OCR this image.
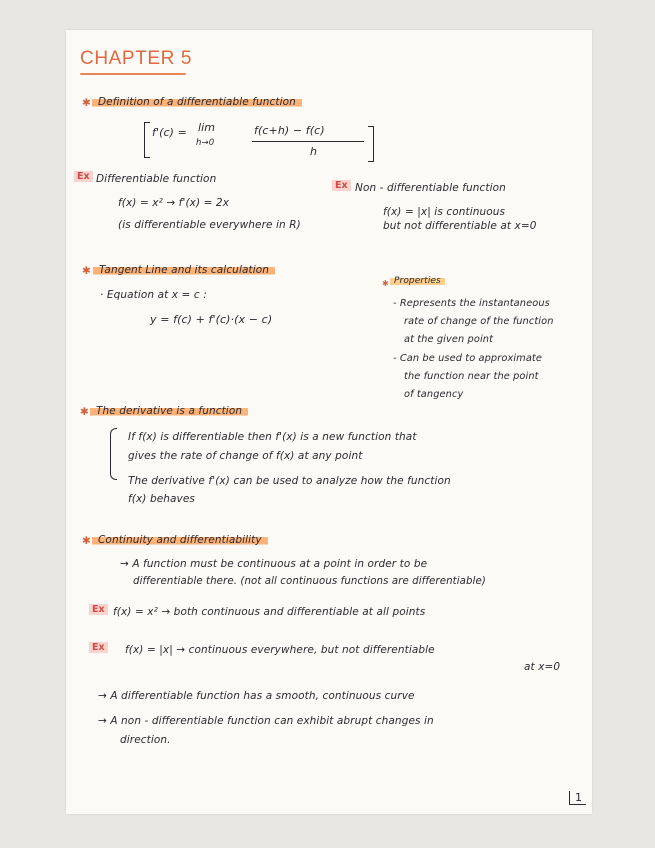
CHAPTER 5
✱ Definition of a differentiable function
f'(c) = lim
h→0
f(c+h) − f(c)
h
Ex Differentiable function
f(x) = x² → f'(x) = 2x
(is differentiable everywhere in R)
Ex Non - differentiable function
f(x) = |x| is continuous
but not differentiable at x=0
✱ Tangent Line and its calculation
· Equation at x = c :
y = f(c) + f'(c)·(x − c)
✱ Properties
- Represents the instantaneous
rate of change of the function
at the given point
- Can be used to approximate
the function near the point
of tangency
✱ The derivative is a function
If f(x) is differentiable then f'(x) is a new function that
gives the rate of change of f(x) at any point
The derivative f'(x) can be used to analyze how the function
f(x) behaves
✱ Continuity and differentiability
→ A function must be continuous at a point in order to be
differentiable there. (not all continuous functions are differentiable)
Ex f(x) = x² → both continuous and differentiable at all points
Ex f(x) = |x| → continuous everywhere, but not differentiable
at x=0
→ A differentiable function has a smooth, continuous curve
→ A non - differentiable function can exhibit abrupt changes in
direction.
1
